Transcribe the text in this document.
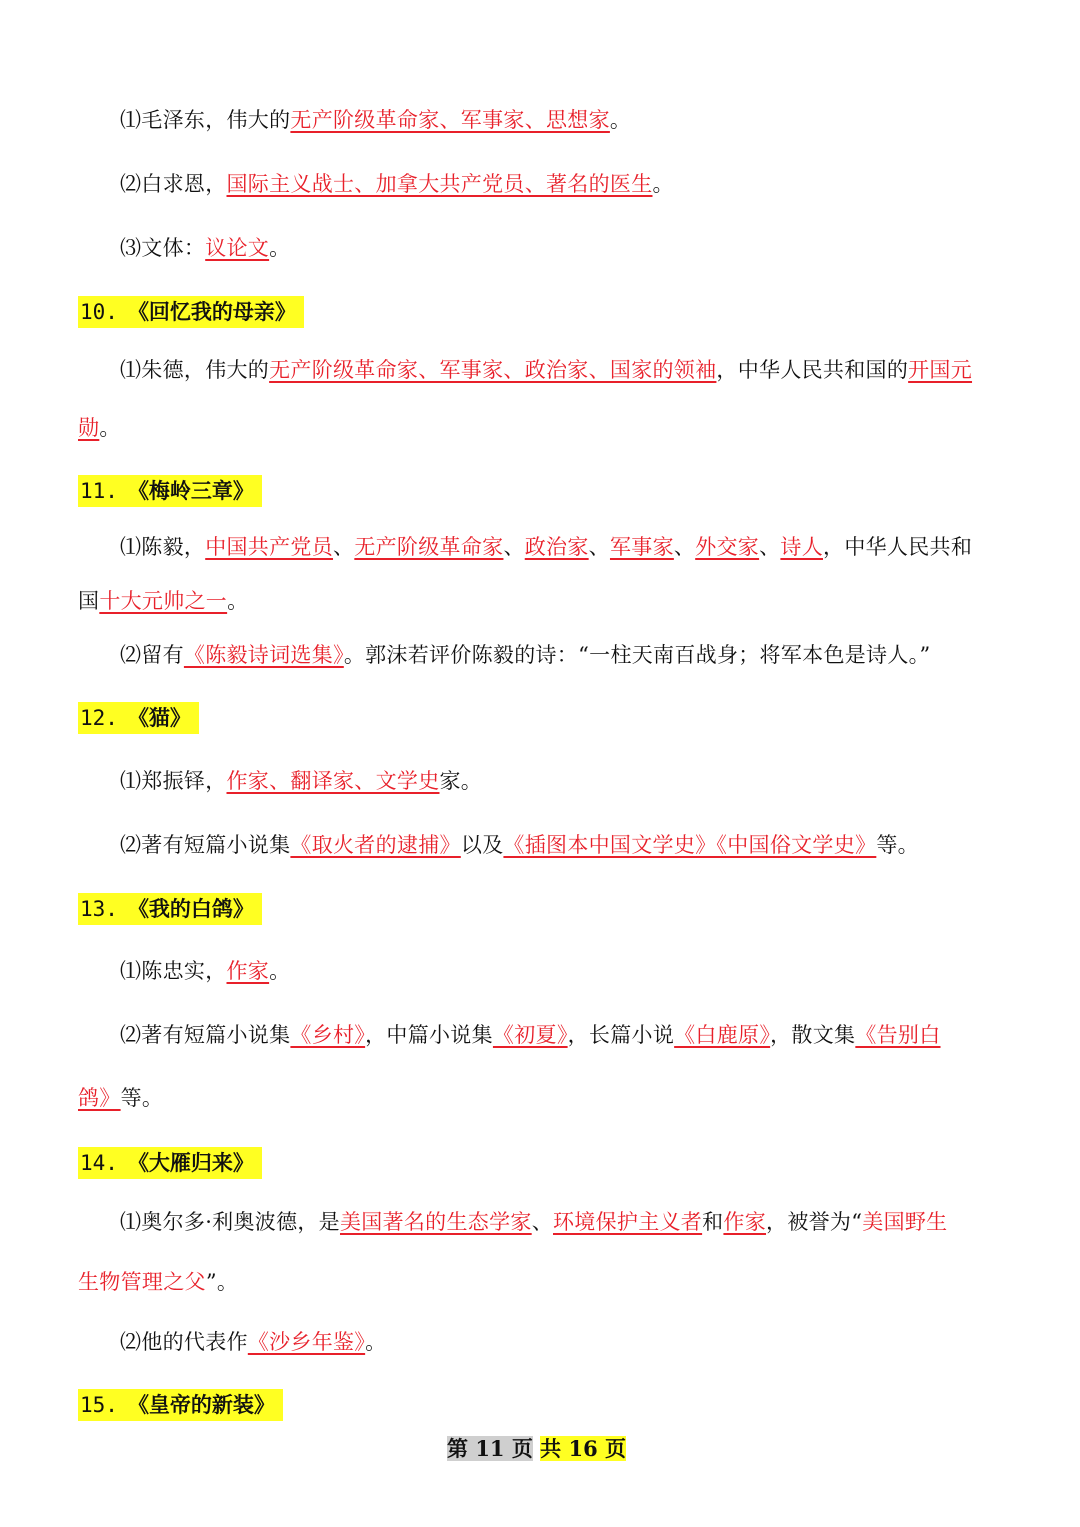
⑴毛泽东，伟大的无产阶级革命家、军事家、思想家。
⑵白求恩，国际主义战士、加拿大共产党员、著名的医生。
⑶文体：议论文。
10. 《回忆我的母亲》
⑴朱德，伟大的无产阶级革命家、军事家、政治家、国家的领袖，中华人民共和国的开国元
勋。
11. 《梅岭三章》
⑴陈毅，中国共产党员、无产阶级革命家、政治家、军事家、外交家、诗人，中华人民共和
国十大元帅之一。
⑵留有《陈毅诗词选集》。郭沫若评价陈毅的诗：“一柱天南百战身；将军本色是诗人。”
12. 《猫》
⑴郑振铎，作家、翻译家、文学史家。
⑵著有短篇小说集《取火者的逮捕》以及《插图本中国文学史》《中国俗文学史》等。
13. 《我的白鸽》
⑴陈忠实，作家。
⑵著有短篇小说集《乡村》，中篇小说集《初夏》，长篇小说《白鹿原》，散文集《告别白
鸽》等。
14. 《大雁归来》
⑴奥尔多·利奥波德，是美国著名的生态学家、环境保护主义者和作家，被誉为“美国野生
生物管理之父”。
⑵他的代表作《沙乡年鉴》。
15. 《皇帝的新装》
第 11 页 共 16 页
